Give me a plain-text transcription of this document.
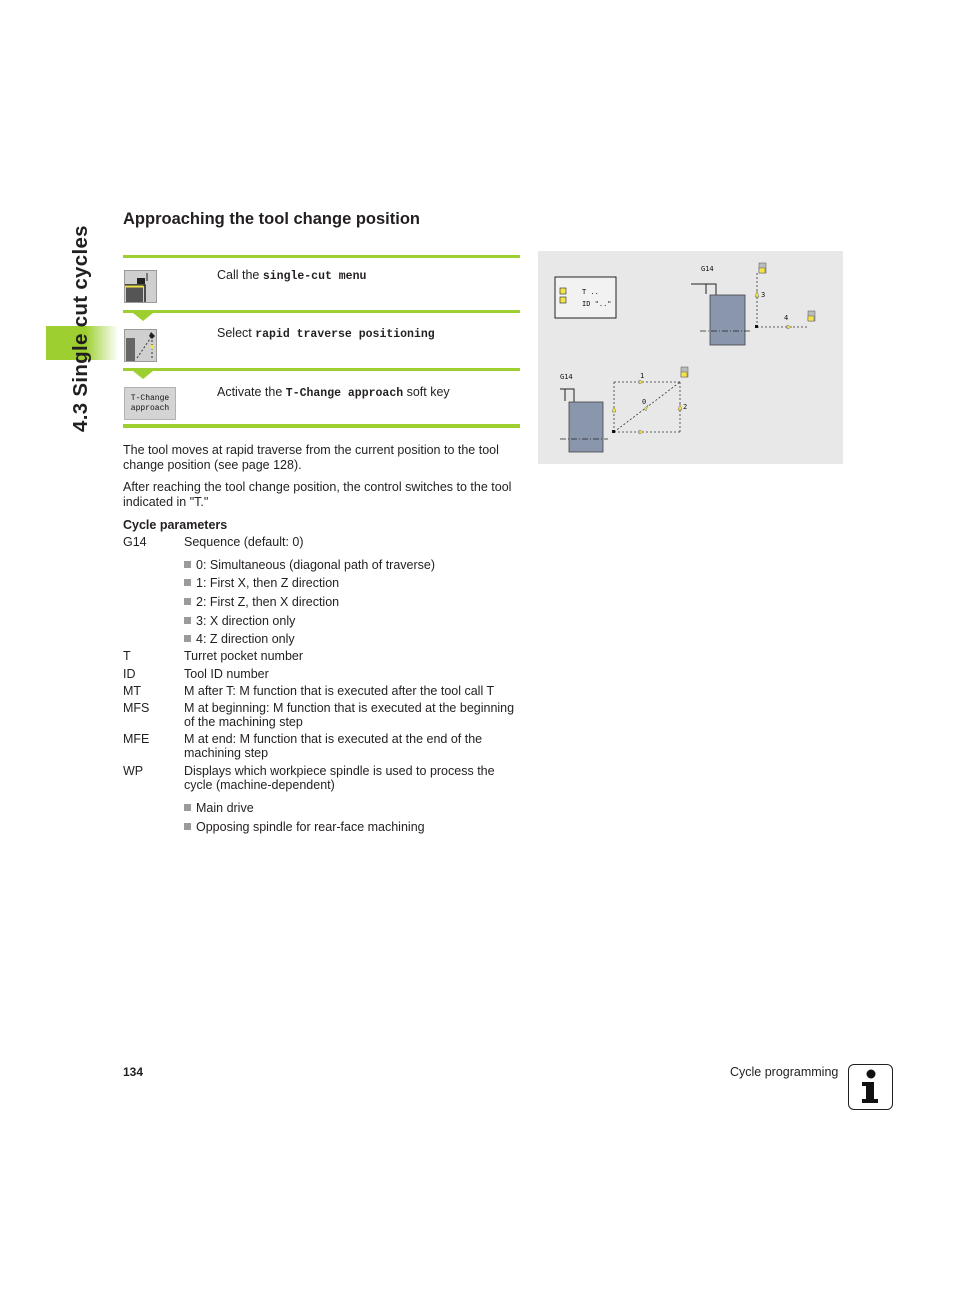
4.3 Single cut cycles
Approaching the tool change position
Call the single-cut menu
Select rapid traverse positioning
T-Change
approach
Activate the T-Change approach soft key
The tool moves at rapid traverse from the current position to the tool change position (see page 128).
After reaching the tool change position, the control switches to the tool indicated in "T."
Cycle parameters
G14	Sequence (default: 0)
0: Simultaneous (diagonal path of traverse)
1: First X, then Z direction
2: First Z, then X direction
3: X direction only
4: Z direction only
T	Turret pocket number
ID	Tool ID number
MT	M after T: M function that is executed after the tool call T
MFS	M at beginning: M function that is executed at the beginning of the machining step
MFE	M at end: M function that is executed at the end of the machining step
WP	Displays which workpiece spindle is used to process the cycle (machine-dependent)
Main drive
Opposing spindle for rear-face machining
T ..
ID ".."
G14
3
4
G14	1
0
2
134	Cycle programming
